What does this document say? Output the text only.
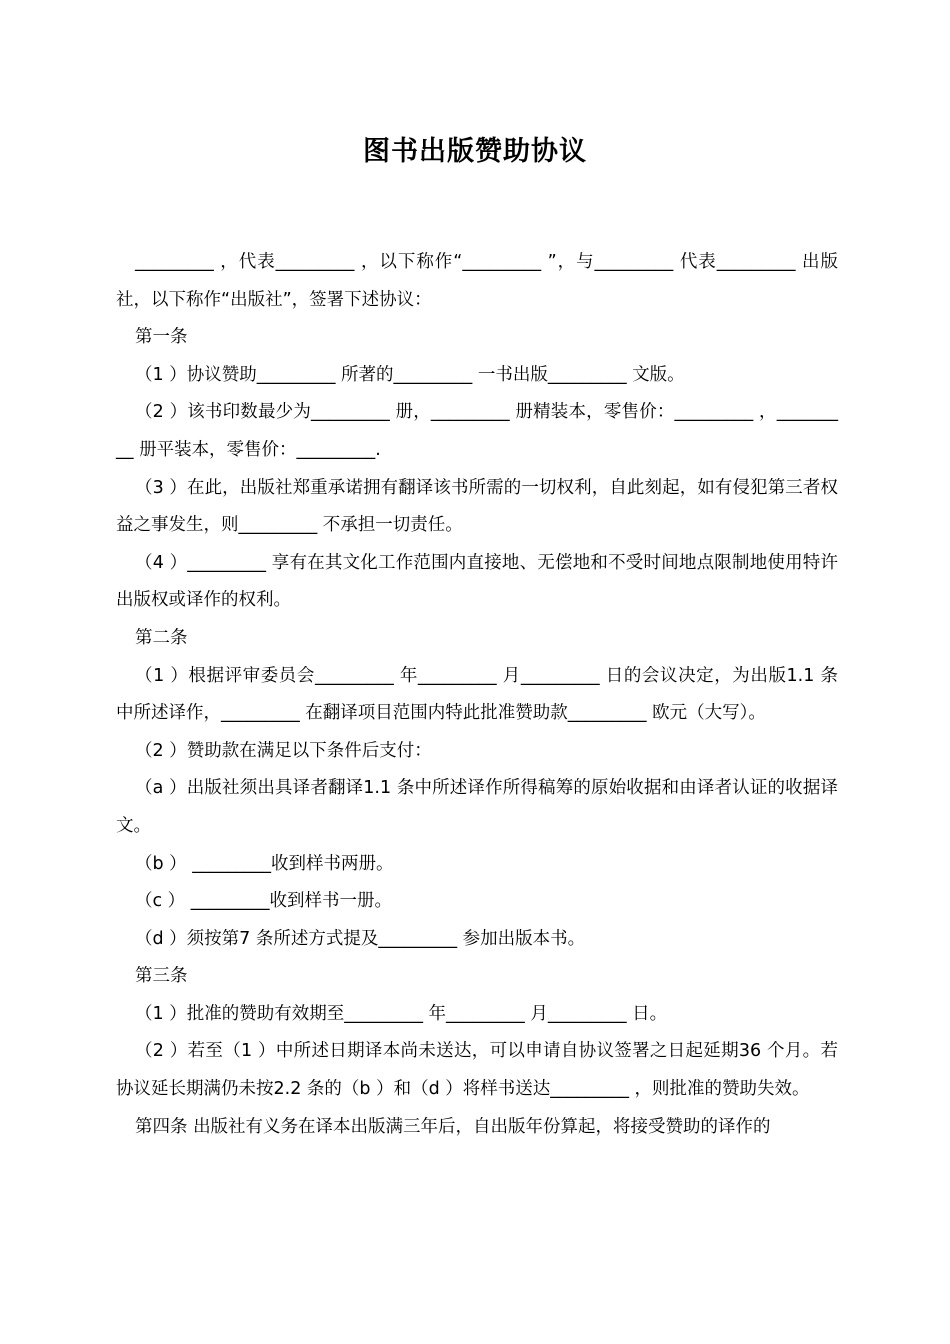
图书出版赞助协议

_________ ，代表_________ ，以下称作“_________ ”，与_________ 代表_________ 出版社，以下称作“出版社”，签署下述协议：

第一条

（1 ）协议赞助_________ 所著的_________ 一书出版_________ 文版。

（2 ）该书印数最少为_________ 册，_________ 册精装本，零售价：_________ ，_________ 册平装本，零售价：_________.

（3 ）在此，出版社郑重承诺拥有翻译该书所需的一切权利，自此刻起，如有侵犯第三者权益之事发生，则_________ 不承担一切责任。

（4 ）_________ 享有在其文化工作范围内直接地、无偿地和不受时间地点限制地使用特许出版权或译作的权利。

第二条

（1 ）根据评审委员会_________ 年_________ 月_________ 日的会议决定，为出版1.1 条中所述译作，_________ 在翻译项目范围内特此批准赞助款_________ 欧元（大写）。

（2 ）赞助款在满足以下条件后支付：

（a ）出版社须出具译者翻译1.1 条中所述译作所得稿筹的原始收据和由译者认证的收据译文。

（b ） _________收到样书两册。

（c ） _________收到样书一册。

（d ）须按第7 条所述方式提及_________ 参加出版本书。

第三条

（1 ）批准的赞助有效期至_________ 年_________ 月_________ 日。

（2 ）若至（1 ）中所述日期译本尚未送达，可以申请自协议签署之日起延期36 个月。若协议延长期满仍未按2.2 条的（b ）和（d ）将样书送达_________ ，则批准的赞助失效。

第四条 出版社有义务在译本出版满三年后，自出版年份算起，将接受赞助的译作的
